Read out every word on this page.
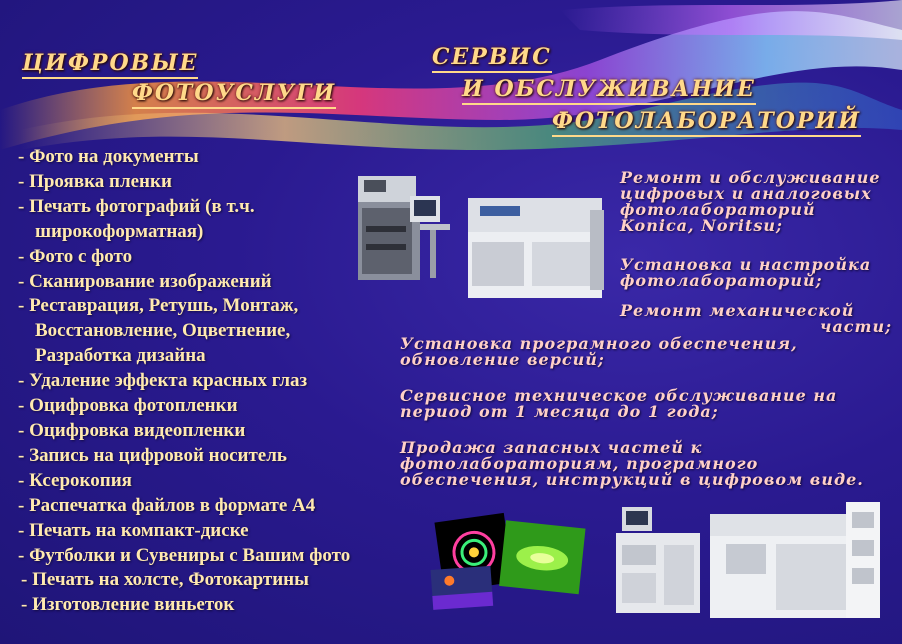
ЦИФРОВЫЕ
ФОТОУСЛУГИ
СЕРВИС
И ОБСЛУЖИВАНИЕ
ФОТОЛАБОРАТОРИЙ
- Фото на документы
- Проявка пленки
- Печать фотографий (в т.ч.
широкоформатная)
- Фото с фото
- Сканирование изображений
- Реставрация, Ретушь, Монтаж,
Восстановление, Оцветнение,
Разработка дизайна
- Удаление эффекта красных глаз
- Оцифровка фотопленки
- Оцифровка видеопленки
- Запись на цифровой носитель
- Ксерокопия
- Распечатка файлов в формате А4
- Печать на компакт-диске
- Футболки и Сувениры с Вашим фото
- Печать на холсте, Фотокартины
- Изготовление виньеток
Ремонт и обслуживание
цифровых и аналоговых
фотолабораторий
Konica, Noritsu;
Установка и настройка
фотолабораторий;
Ремонт механической
части;
Установка програмного обеспечения,
обновление версий;
Сервисное техническое обслуживание на
период от 1 месяца до 1 года;
Продажа запасных частей к
фотолабораториям, програмного
обеспечения, инструкций в цифровом виде.
